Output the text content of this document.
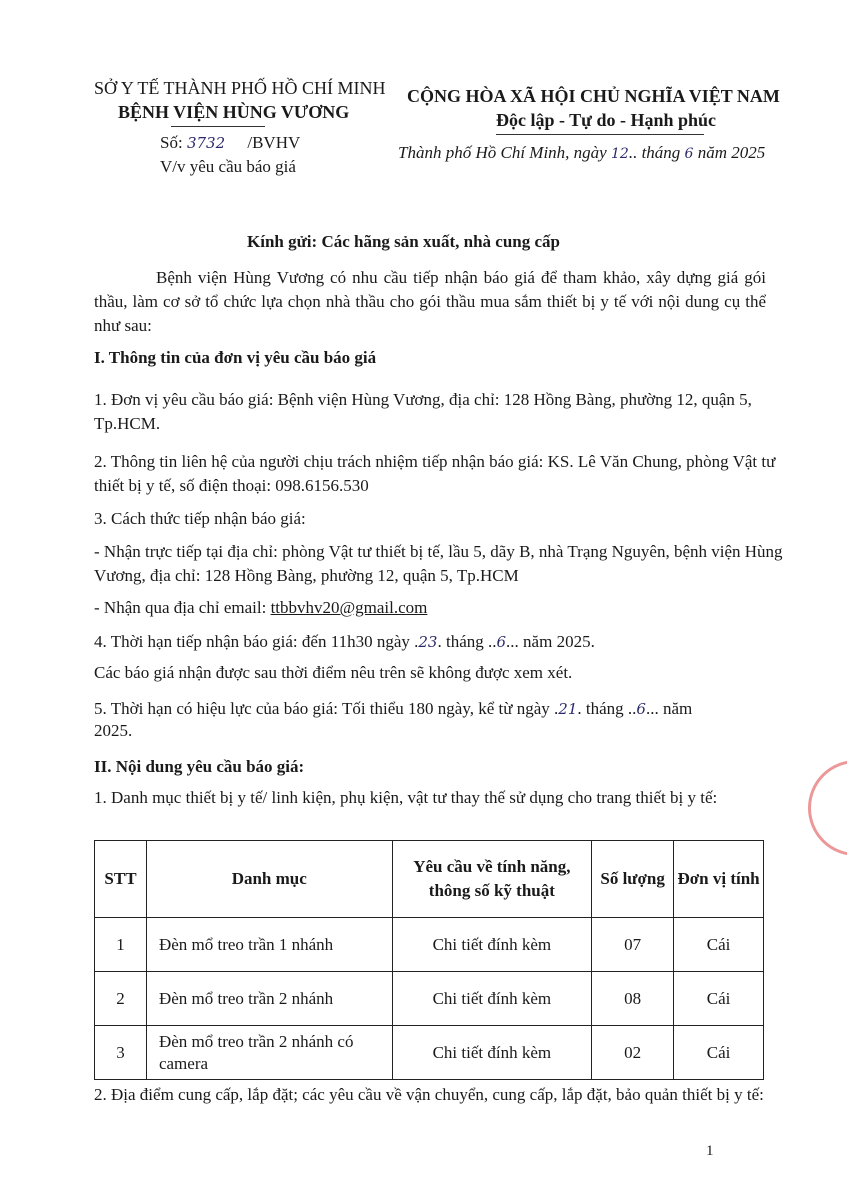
SỞ Y TẾ THÀNH PHỐ HỒ CHÍ MINH
BỆNH VIỆN HÙNG VƯƠNG
CỘNG HÒA XÃ HỘI CHỦ NGHĨA VIỆT NAM
Độc lập - Tự do - Hạnh phúc
Số: 3732 /BVHV
V/v yêu cầu báo giá
Thành phố Hồ Chí Minh, ngày 12.. tháng 6 năm 2025
Kính gửi: Các hãng sản xuất, nhà cung cấp
Bệnh viện Hùng Vương có nhu cầu tiếp nhận báo giá để tham khảo, xây dựng giá gói thầu, làm cơ sở tổ chức lựa chọn nhà thầu cho gói thầu mua sắm thiết bị y tế với nội dung cụ thể như sau:
I. Thông tin của đơn vị yêu cầu báo giá
1. Đơn vị yêu cầu báo giá: Bệnh viện Hùng Vương, địa chỉ: 128 Hồng Bàng, phường 12, quận 5, Tp.HCM.
2. Thông tin liên hệ của người chịu trách nhiệm tiếp nhận báo giá: KS. Lê Văn Chung, phòng Vật tư thiết bị y tế, số điện thoại: 098.6156.530
3. Cách thức tiếp nhận báo giá:
- Nhận trực tiếp tại địa chỉ: phòng Vật tư thiết bị tế, lầu 5, dãy B, nhà Trạng Nguyên, bệnh viện Hùng Vương, địa chỉ: 128 Hồng Bàng, phường 12, quận 5, Tp.HCM
- Nhận qua địa chỉ email: ttbbvhv20@gmail.com
4. Thời hạn tiếp nhận báo giá: đến 11h30 ngày .23. tháng ..6... năm 2025.
Các báo giá nhận được sau thời điểm nêu trên sẽ không được xem xét.
5. Thời hạn có hiệu lực của báo giá: Tối thiểu 180 ngày, kể từ ngày .21. tháng ..6... năm
2025.
II. Nội dung yêu cầu báo giá:
1. Danh mục thiết bị y tế/ linh kiện, phụ kiện, vật tư thay thế sử dụng cho trang thiết bị y tế:
STT	Danh mục	Yêu cầu về tính năng, thông số kỹ thuật	Số lượng	Đơn vị tính
1	Đèn mổ treo trần 1 nhánh	Chi tiết đính kèm	07	Cái
2	Đèn mổ treo trần 2 nhánh	Chi tiết đính kèm	08	Cái
3	Đèn mổ treo trần 2 nhánh có camera	Chi tiết đính kèm	02	Cái
2. Địa điểm cung cấp, lắp đặt; các yêu cầu về vận chuyển, cung cấp, lắp đặt, bảo quản thiết bị y tế:
1
